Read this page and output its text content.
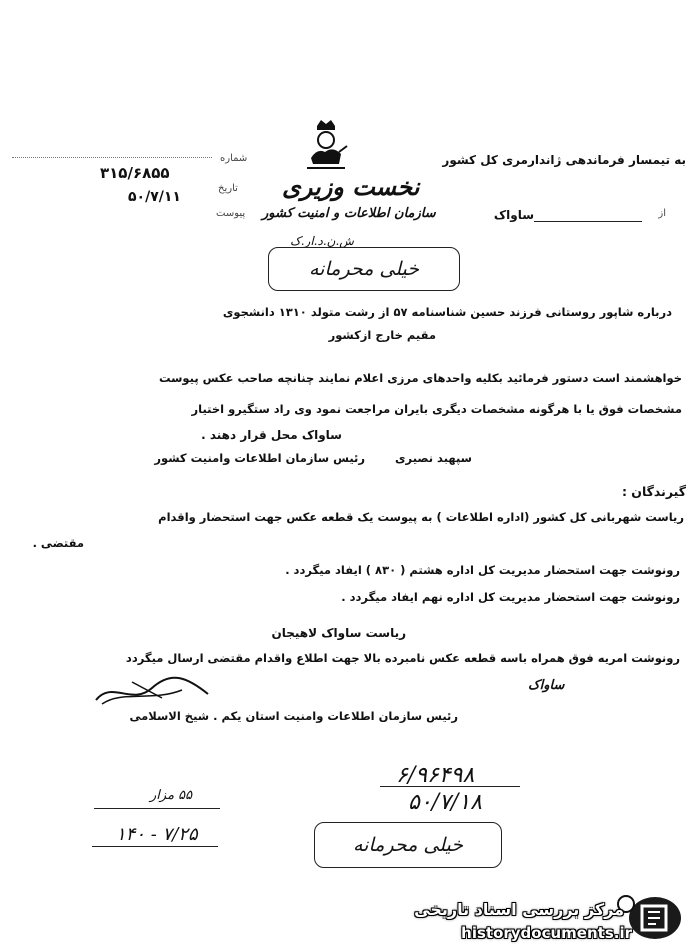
نخست وزیری
سازمان اطلاعات و امنیت کشور
شماره
۳۱۵/۶۸۵۵
تاریخ
۵۰/۷/۱۱
پیوست
به تیمسار فرماندهی ژاندارمری کل کشور
از
ساواک
ش.ن.د.ار.ک
خیلی محرمانه
درباره شاپور روستانی فرزند حسین شناسنامه ۵۷ از رشت متولد ۱۳۱۰ دانشجوی
مقیم خارج ازکشور
خواهشمند است دستور فرمائید بکلیه واحدهای مرزی اعلام نمایند چنانچه صاحب عکس پیوست
مشخصات فوق یا با هرگونه مشخصات دیگری بایران مراجعت نمود وی راد ستگیرو اختیار
ساواک محل قرار دهند .
رئیس سازمان اطلاعات وامنیت کشور	سپهبد نصیری
گیرندگان :
ریاست شهربانی کل کشور (اداره اطلاعات ) به پیوست یک قطعه عکس جهت استحضار واقدام
مقتضی .
رونوشت جهت استحضار مدیریت کل اداره هشتم ( ۸۳۰ ) ایفاد میگردد .
رونوشت جهت استحضار مدیریت کل اداره نهم ایفاد میگردد .
ریاست ساواک لاهیجان
رونوشت امریه فوق همراه باسه قطعه عکس نامبرده بالا جهت اطلاع واقدام مقتضی ارسال میگردد
ساواک
رئیس سازمان اطلاعات وامنیت استان یکم . شیخ الاسلامی
۶/۹۶۴۹۸
۵۰/۷/۱۸
۵۵ مزار
۷/۲۵ - ۱۴۰	خیلی محرمانه
مرکز بررسی اسناد تاریخی
historydocuments.ir
